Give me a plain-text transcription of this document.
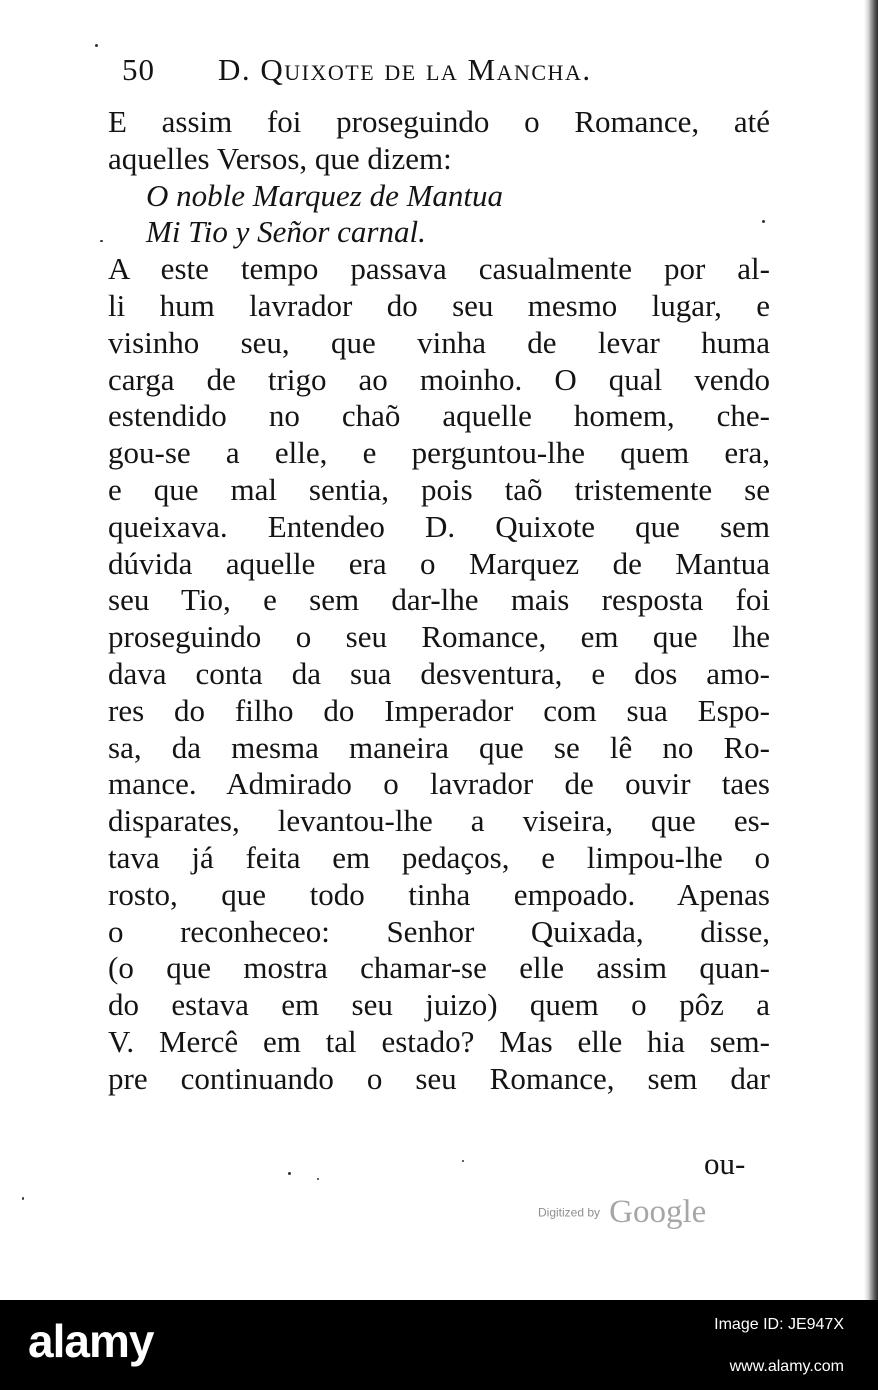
50 D. Quixote de la Mancha.
E assim foi proseguindo o Romance, até
aquelles Versos, que dizem:
O noble Marquez de Mantua
Mi Tio y Señor carnal.
A este tempo passava casualmente por al-
li hum lavrador do seu mesmo lugar, e
visinho seu, que vinha de levar huma
carga de trigo ao moinho. O qual vendo
estendido no chaõ aquelle homem, che-
gou-se a elle, e perguntou-lhe quem era,
e que mal sentia, pois taõ tristemente se
queixava. Entendeo D. Quixote que sem
dúvida aquelle era o Marquez de Mantua
seu Tio, e sem dar-lhe mais resposta foi
proseguindo o seu Romance, em que lhe
dava conta da sua desventura, e dos amo-
res do filho do Imperador com sua Espo-
sa, da mesma maneira que se lê no Ro-
mance. Admirado o lavrador de ouvir taes
disparates, levantou-lhe a viseira, que es-
tava já feita em pedaços, e limpou-lhe o
rosto, que todo tinha empoado. Apenas
o reconheceo: Senhor Quixada, disse,
(o que mostra chamar-se elle assim quan-
do estava em seu juizo) quem o pôz a
V. Mercê em tal estado? Mas elle hia sem-
pre continuando o seu Romance, sem dar
ou-
Digitized by Google
alamy	Image ID: JE947X
www.alamy.com
